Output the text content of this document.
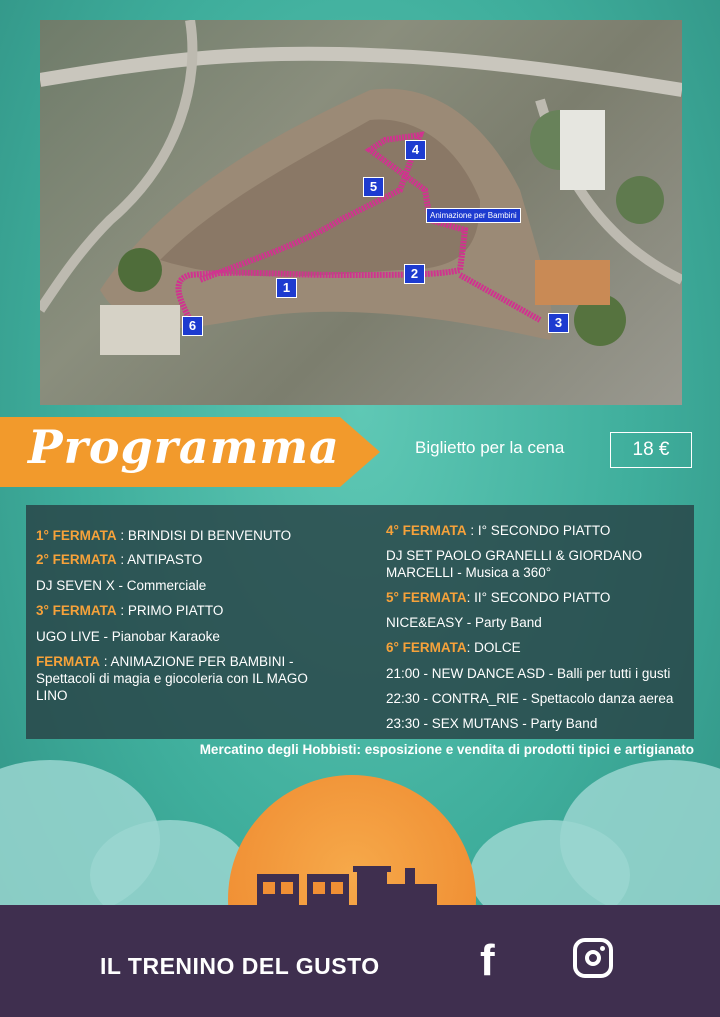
1
2
3
4
5
6
Animazione per Bambini
Programma	Biglietto per la cena	18 €
1° FERMATA : BRINDISI DI BENVENUTO
2° FERMATA : ANTIPASTO
DJ SEVEN X - Commerciale
3° FERMATA : PRIMO PIATTO
UGO LIVE - Pianobar Karaoke
FERMATA : ANIMAZIONE PER BAMBINI -
Spettacoli di magia e giocoleria con IL MAGO
LINO
4° FERMATA : I° SECONDO PIATTO
DJ SET PAOLO GRANELLI & GIORDANO
MARCELLI - Musica a 360°
5° FERMATA: II° SECONDO PIATTO
NICE&EASY - Party Band
6° FERMATA: DOLCE
21:00 - NEW DANCE ASD - Balli per tutti i gusti
22:30 - CONTRA_RIE - Spettacolo danza aerea
23:30 - SEX MUTANS - Party Band
Mercatino degli Hobbisti: esposizione e vendita di prodotti tipici e artigianato
IL TRENINO DEL GUSTO f
